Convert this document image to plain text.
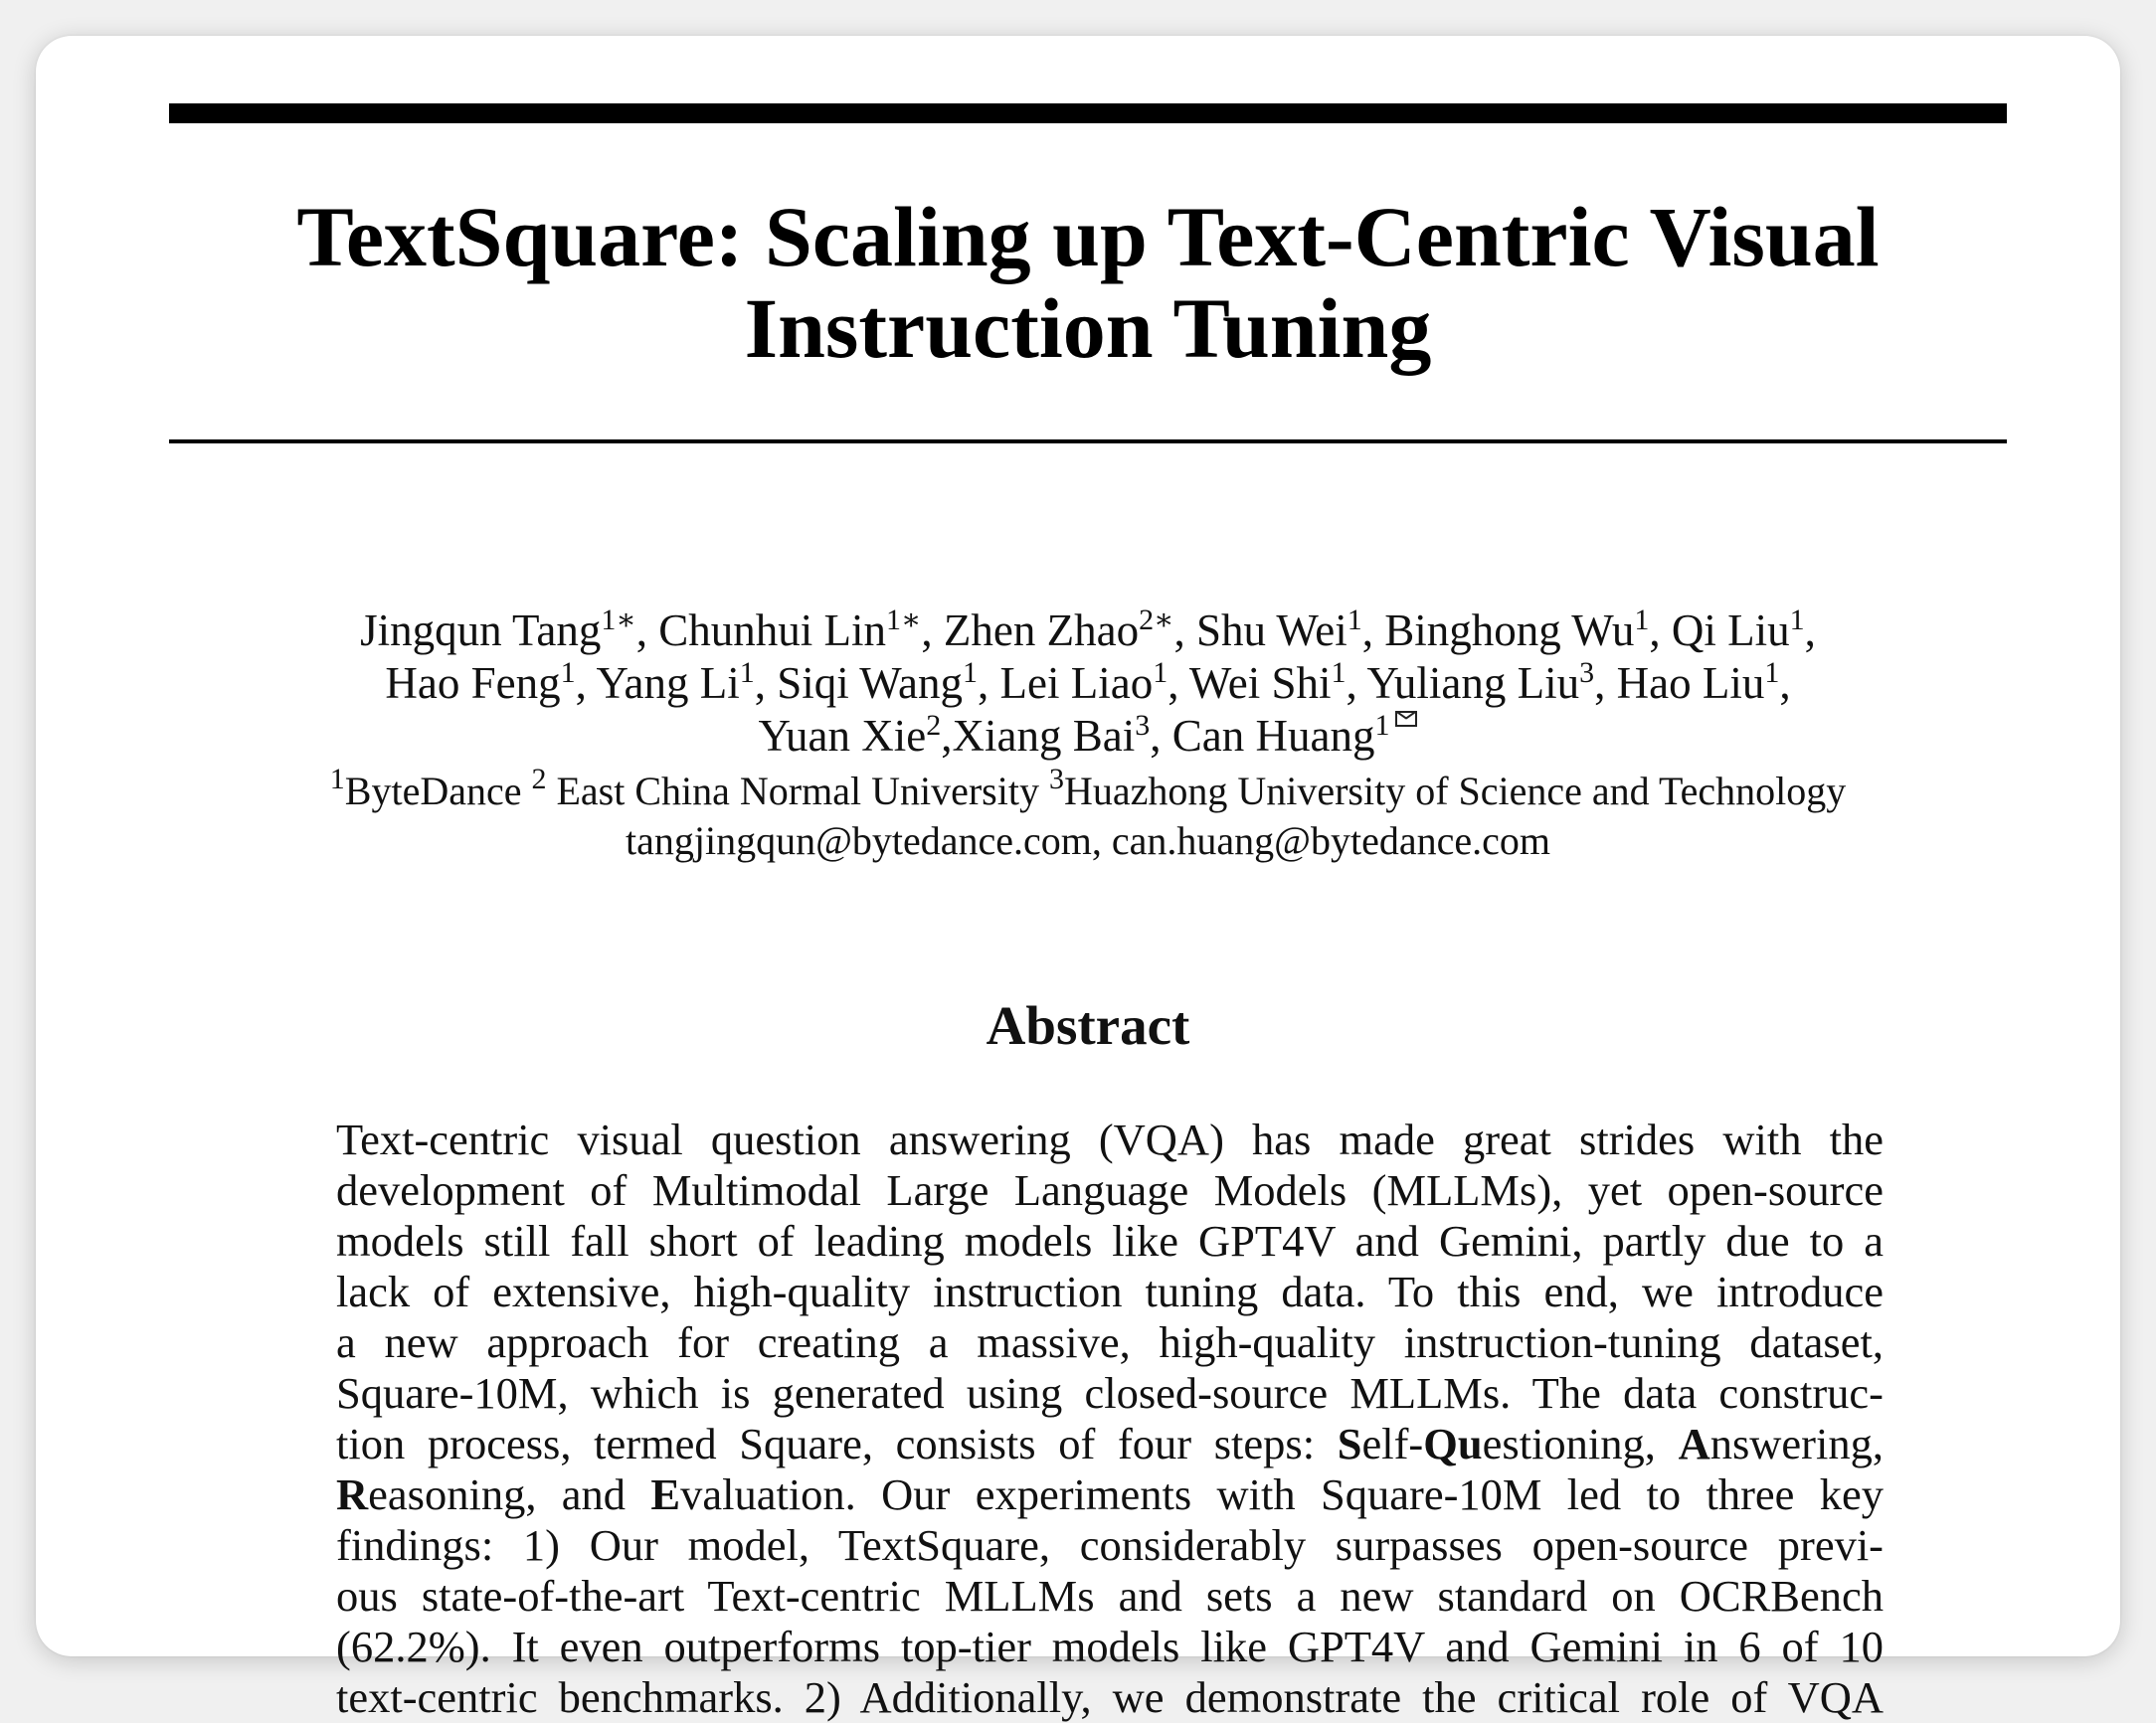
TextSquare: Scaling up Text-Centric Visual
Instruction Tuning
Jingqun Tang$^{1∗}$, Chunhui Lin$^{1∗}$, Zhen Zhao$^{2∗}$, Shu Wei$^1$, Binghong Wu$^1$, Qi Liu$^1$,
Hao Feng$^1$, Yang Li$^1$, Siqi Wang$^1$, Lei Liao$^1$, Wei Shi$^1$, Yuliang Liu$^3$, Hao Liu$^1$,
Yuan Xie$^2$,Xiang Bai$^3$, Can Huang$^1$
$^1$ByteDance $^2$ East China Normal University $^3$Huazhong University of Science and Technology
tangjingqun@bytedance.com, can.huang@bytedance.com
Abstract
Text-centric visual question answering (VQA) has made great strides with the
development of Multimodal Large Language Models (MLLMs), yet open-source
models still fall short of leading models like GPT4V and Gemini, partly due to a
lack of extensive, high-quality instruction tuning data. To this end, we introduce
a new approach for creating a massive, high-quality instruction-tuning dataset,
Square-10M, which is generated using closed-source MLLMs. The data construc-
tion process, termed Square, consists of four steps: Self-Questioning, Answering,
Reasoning, and Evaluation. Our experiments with Square-10M led to three key
findings: 1) Our model, TextSquare, considerably surpasses open-source previ-
ous state-of-the-art Text-centric MLLMs and sets a new standard on OCRBench
(62.2%). It even outperforms top-tier models like GPT4V and Gemini in 6 of 10
text-centric benchmarks. 2) Additionally, we demonstrate the critical role of VQA
